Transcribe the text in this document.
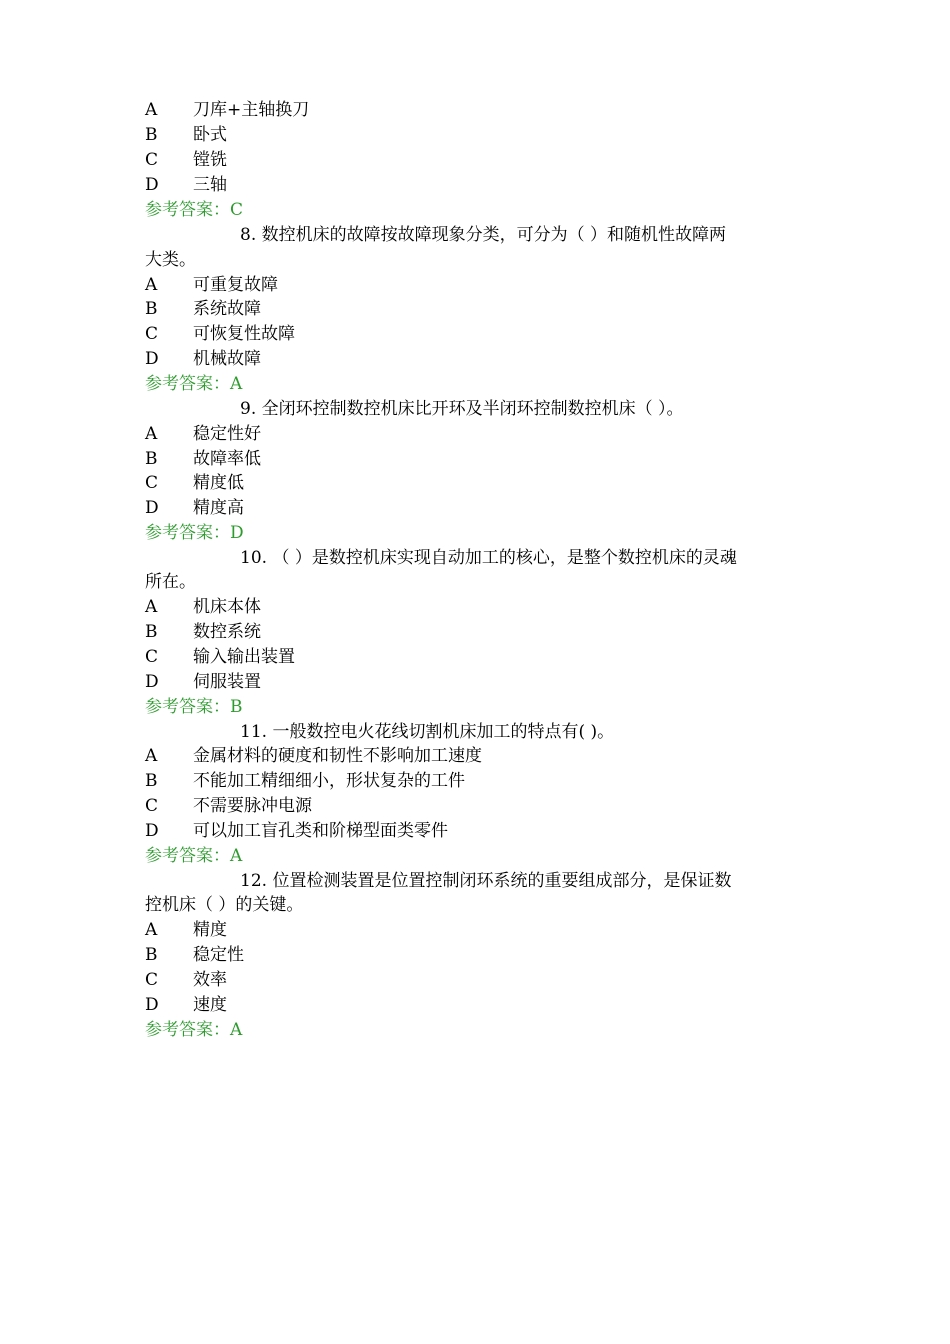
A 刀库+主轴换刀
B 卧式
C 镗铣
D 三轴
参考答案：C
8. 数控机床的故障按故障现象分类，可分为（ ）和随机性故障两
大类。
A 可重复故障
B 系统故障
C 可恢复性故障
D 机械故障
参考答案：A
9. 全闭环控制数控机床比开环及半闭环控制数控机床（ ）。
A 稳定性好
B 故障率低
C 精度低
D 精度高
参考答案：D
10. （ ）是数控机床实现自动加工的核心，是整个数控机床的灵魂
所在。
A 机床本体
B 数控系统
C 输入输出装置
D 伺服装置
参考答案：B
11. 一般数控电火花线切割机床加工的特点有( )。
A 金属材料的硬度和韧性不影响加工速度
B 不能加工精细细小，形状复杂的工件
C 不需要脉冲电源
D 可以加工盲孔类和阶梯型面类零件
参考答案：A
12. 位置检测装置是位置控制闭环系统的重要组成部分，是保证数
控机床（ ）的关键。
A 精度
B 稳定性
C 效率
D 速度
参考答案：A
